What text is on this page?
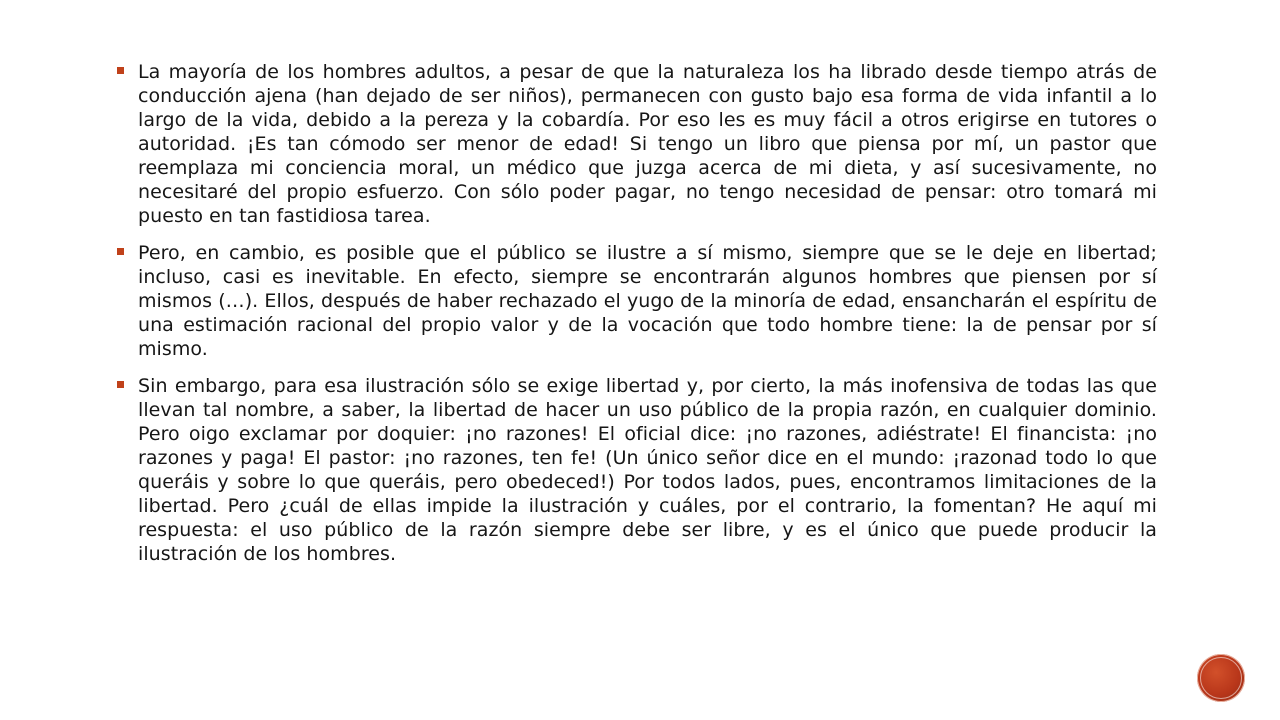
La mayoría de los hombres adultos, a pesar de que la naturaleza los ha librado desde tiempo atrás de conducción ajena (han dejado de ser niños), permanecen con gusto bajo esa forma de vida infantil a lo largo de la vida, debido a la pereza y la cobardía. Por eso les es muy fácil a otros erigirse en tutores o autoridad. ¡Es tan cómodo ser menor de edad! Si tengo un libro que piensa por mí, un pastor que reemplaza mi conciencia moral, un médico que juzga acerca de mi dieta, y así sucesivamente, no necesitaré del propio esfuerzo. Con sólo poder pagar, no tengo necesidad de pensar: otro tomará mi puesto en tan fastidiosa tarea.
Pero, en cambio, es posible que el público se ilustre a sí mismo, siempre que se le deje en libertad; incluso, casi es inevitable. En efecto, siempre se encontrarán algunos hombres que piensen por sí mismos (…). Ellos, después de haber rechazado el yugo de la minoría de edad, ensancharán el espíritu de una estimación racional del propio valor y de la vocación que todo hombre tiene: la de pensar por sí mismo.
Sin embargo, para esa ilustración sólo se exige libertad y, por cierto, la más inofensiva de todas las que llevan tal nombre, a saber, la libertad de hacer un uso público de la propia razón, en cualquier dominio. Pero oigo exclamar por doquier: ¡no razones! El oficial dice: ¡no razones, adiéstrate! El financista: ¡no razones y paga! El pastor: ¡no razones, ten fe! (Un único señor dice en el mundo: ¡razonad todo lo que queráis y sobre lo que queráis, pero obedeced!) Por todos lados, pues, encontramos limitaciones de la libertad. Pero ¿cuál de ellas impide la ilustración y cuáles, por el contrario, la fomentan? He aquí mi respuesta: el uso público de la razón siempre debe ser libre, y es el único que puede producir la ilustración de los hombres.
